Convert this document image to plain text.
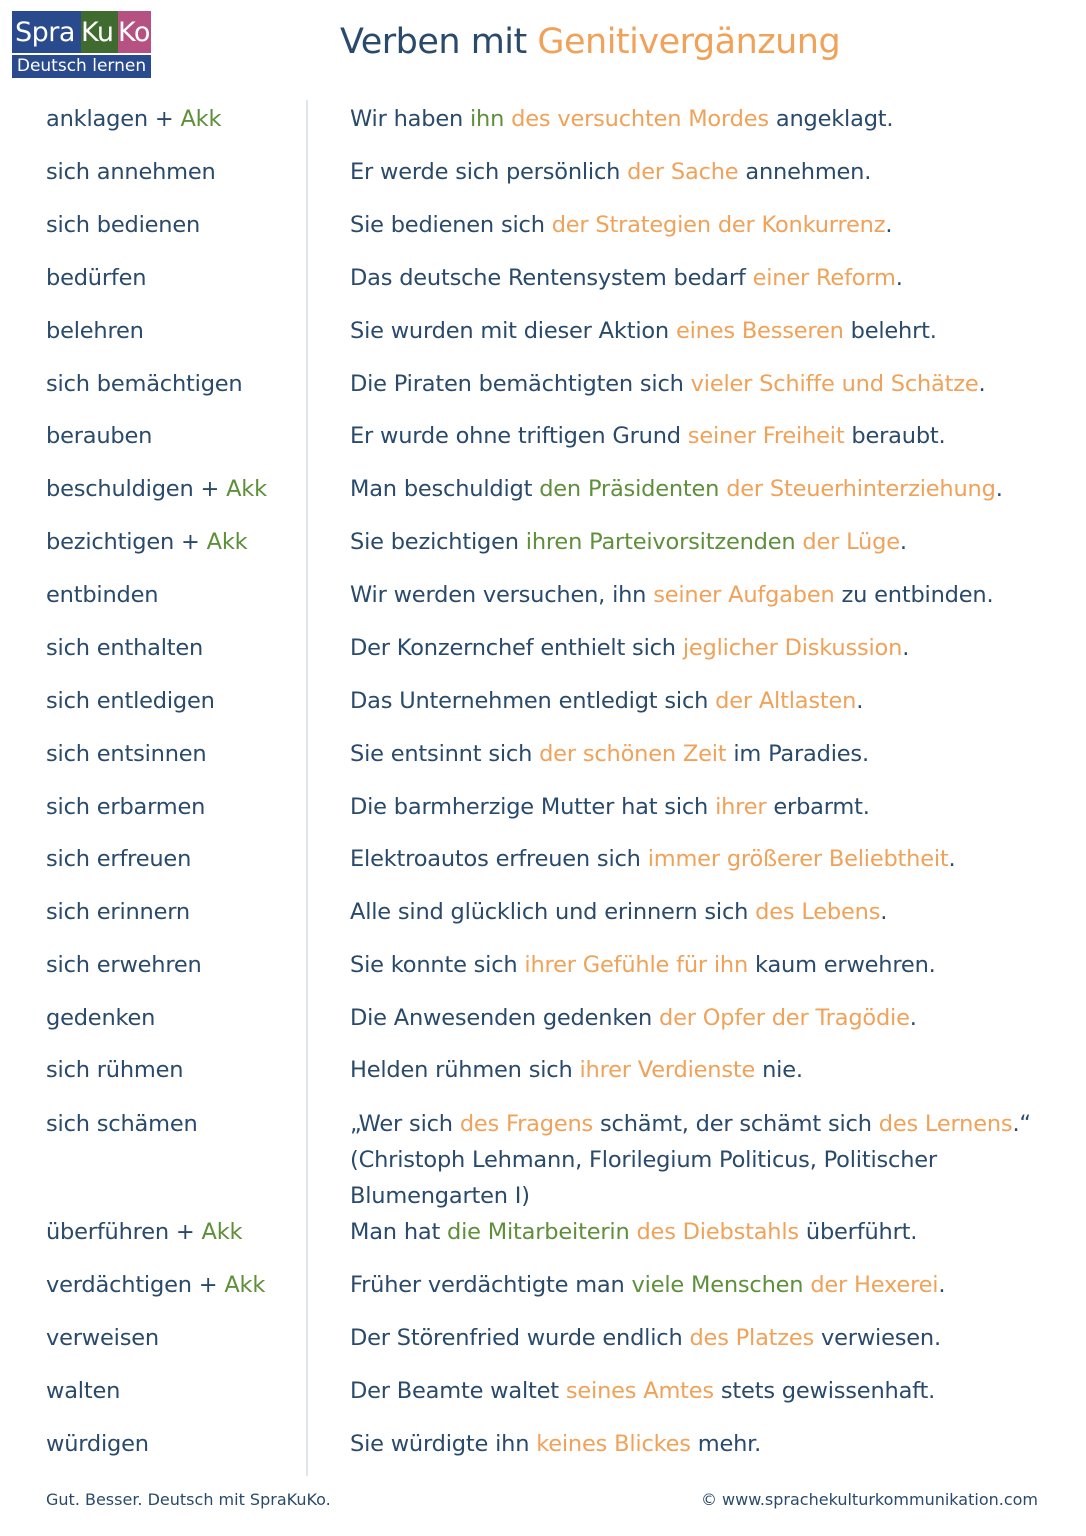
Spra Ku Ko
Deutsch lernen
Verben mit Genitivergänzung
anklagen + Akk	Wir haben ihn des versuchten Mordes angeklagt.
sich annehmen	Er werde sich persönlich der Sache annehmen.
sich bedienen	Sie bedienen sich der Strategien der Konkurrenz.
bedürfen	Das deutsche Rentensystem bedarf einer Reform.
belehren	Sie wurden mit dieser Aktion eines Besseren belehrt.
sich bemächtigen	Die Piraten bemächtigten sich vieler Schiffe und Schätze.
berauben	Er wurde ohne triftigen Grund seiner Freiheit beraubt.
beschuldigen + Akk	Man beschuldigt den Präsidenten der Steuerhinterziehung.
bezichtigen + Akk	Sie bezichtigen ihren Parteivorsitzenden der Lüge.
entbinden	Wir werden versuchen, ihn seiner Aufgaben zu entbinden.
sich enthalten	Der Konzernchef enthielt sich jeglicher Diskussion.
sich entledigen	Das Unternehmen entledigt sich der Altlasten.
sich entsinnen	Sie entsinnt sich der schönen Zeit im Paradies.
sich erbarmen	Die barmherzige Mutter hat sich ihrer erbarmt.
sich erfreuen	Elektroautos erfreuen sich immer größerer Beliebtheit.
sich erinnern	Alle sind glücklich und erinnern sich des Lebens.
sich erwehren	Sie konnte sich ihrer Gefühle für ihn kaum erwehren.
gedenken	Die Anwesenden gedenken der Opfer der Tragödie.
sich rühmen	Helden rühmen sich ihrer Verdienste nie.
sich schämen	„Wer sich des Fragens schämt, der schämt sich des Lernens.“ (Christoph Lehmann, Florilegium Politicus, Politischer Blumengarten I)
überführen + Akk	Man hat die Mitarbeiterin des Diebstahls überführt.
verdächtigen + Akk	Früher verdächtigte man viele Menschen der Hexerei.
verweisen	Der Störenfried wurde endlich des Platzes verwiesen.
walten	Der Beamte waltet seines Amtes stets gewissenhaft.
würdigen	Sie würdigte ihn keines Blickes mehr.
Gut. Besser. Deutsch mit SpraKuKo.	© www.sprachekulturkommunikation.com
